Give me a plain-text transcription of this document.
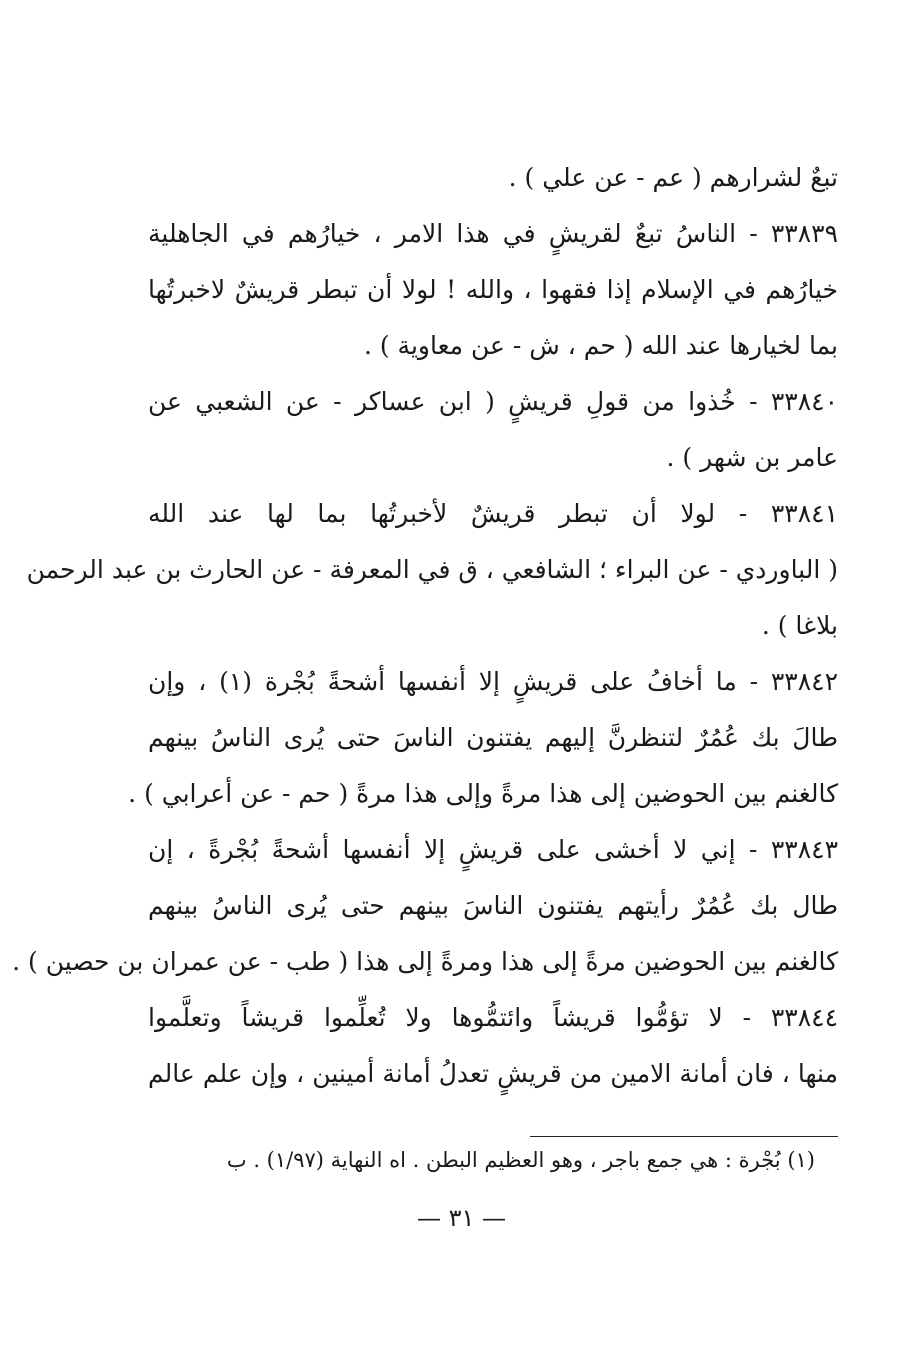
تبعٌ لشرارهم ( عم - عن علي ) .
٣٣٨٣٩ - الناسُ تبعٌ لقريشٍ في هذا الامر ، خيارُهم في الجاهلية
خيارُهم في الإسلام إذا فقهوا ، والله ! لولا أن تبطر قريشٌ لاخبرتُها
بما لخيارها عند الله ( حم ، ش - عن معاوية ) .
٣٣٨٤٠ - خُذوا من قولِ قريشٍ ( ابن عساكر - عن الشعبي عن
عامر بن شهر ) .
٣٣٨٤١ - لولا أن تبطر قريشٌ لأخبرتُها بما لها عند الله
( الباوردي - عن البراء ؛ الشافعي ، ق في المعرفة - عن الحارث بن عبد الرحمن
بلاغا ) .
٣٣٨٤٢ - ما أخافُ على قريشٍ إلا أنفسها أشحةً بُجْرة (١) ، وإن
طالَ بك عُمُرٌ لتنظرنَّ إليهم يفتنون الناسَ حتى يُرى الناسُ بينهم
كالغنم بين الحوضين إلى هذا مرةً وإلى هذا مرةً ( حم - عن أعرابي ) .
٣٣٨٤٣ - إني لا أخشى على قريشٍ إلا أنفسها أشحةً بُجْرةً ، إن
طال بك عُمُرٌ رأيتهم يفتنون الناسَ بينهم حتى يُرى الناسُ بينهم
كالغنم بين الحوضين مرةً إلى هذا ومرةً إلى هذا ( طب - عن عمران بن حصين ) .
٣٣٨٤٤ - لا تؤمُّوا قريشاً وائتمُّوها ولا تُعلِّموا قريشاً وتعلَّموا
منها ، فان أمانة الامين من قريشٍ تعدلُ أمانة أمينين ، وإن علم عالم
(١) بُجْرة : هي جمع باجر ، وهو العظيم البطن . اه النهاية (١/٩٧) . ب
— ٣١ —
